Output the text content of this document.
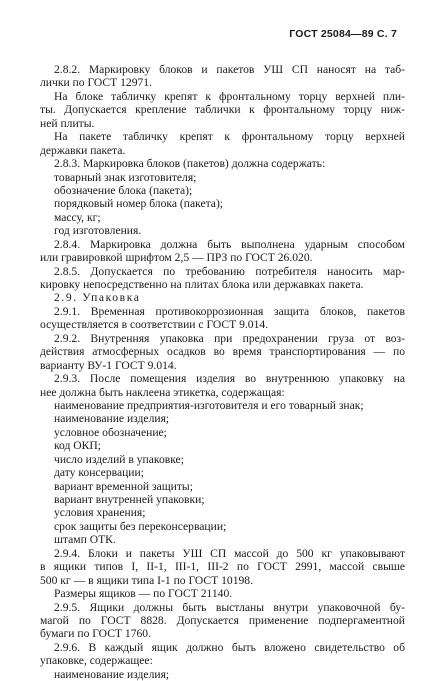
ГОСТ 25084—89 С. 7
2.8.2. Маркировку блоков и пакетов УШ СП наносят на таб-
лички по ГОСТ 12971.
На блоке табличку крепят к фронтальному торцу верхней пли-
ты. Допускается крепление таблички к фронтальному торцу ниж-
ней плиты.
На пакете табличку крепят к фронтальному торцу верхней
державки пакета.
2.8.3. Маркировка блоков (пакетов) должна содержать:
товарный знак изготовителя;
обозначение блока (пакета);
порядковый номер блока (пакета);
массу, кг;
год изготовления.
2.8.4. Маркировка должна быть выполнена ударным способом
или гравировкой шрифтом 2,5 — ПРЗ по ГОСТ 26.020.
2.8.5. Допускается по требованию потребителя наносить мар-
кировку непосредственно на плитах блока или державках пакета.
2.9. Упаковка
2.9.1. Временная противокоррозионная защита блоков, пакетов
осуществляется в соответствии с ГОСТ 9.014.
2.9.2. Внутренняя упаковка при предохранении груза от воз-
действия атмосферных осадков во время транспортирования — по
варианту ВУ-1 ГОСТ 9.014.
2.9.3. После помещения изделия во внутреннюю упаковку на
нее должна быть наклеена этикетка, содержащая:
наименование предприятия-изготовителя и его товарный знак;
наименование изделия;
условное обозначение;
код ОКП;
число изделий в упаковке;
дату консервации;
вариант временной защиты;
вариант внутренней упаковки;
условия хранения;
срок защиты без переконсервации;
штамп ОТК.
2.9.4. Блоки и пакеты УШ СП массой до 500 кг упаковывают
в ящики типов I, II-1, III-1, III-2 по ГОСТ 2991, массой свыше
500 кг — в ящики типа I-1 по ГОСТ 10198.
Размеры ящиков — по ГОСТ 21140.
2.9.5. Ящики должны быть выстланы внутри упаковочной бу-
магой по ГОСТ 8828. Допускается применение подпергаментной
бумаги по ГОСТ 1760.
2.9.6. В каждый ящик должно быть вложено свидетельство об
упаковке, содержащее:
наименование изделия;
